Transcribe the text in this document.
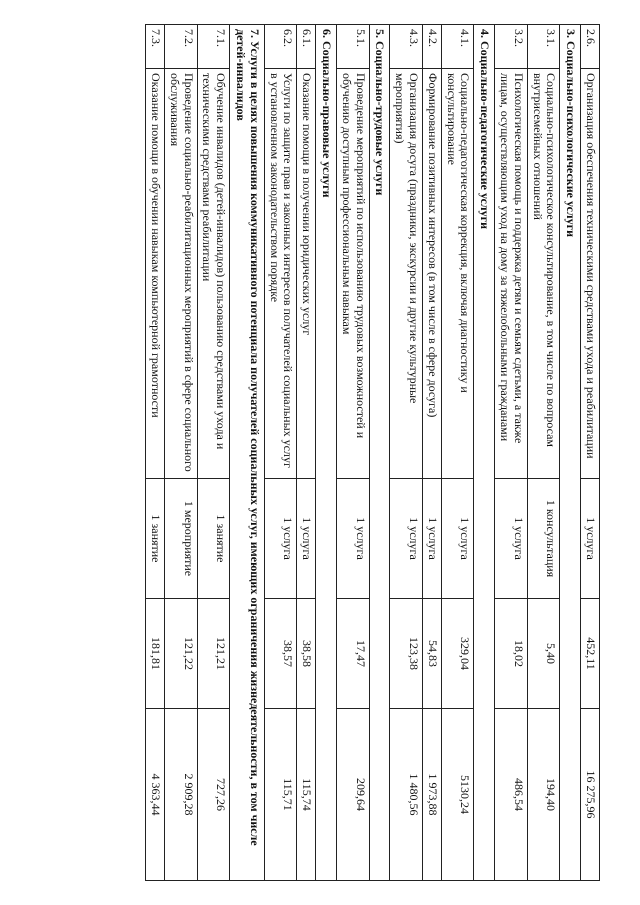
2.6.	Организация обеспечения техническими средствами ухода и реабилитации	1 услуга	452,11	16 275,96
3. Социально-психологические услуги				
3.1.	Социально-психологическое консультирование, в том числе по вопросам внутрисемейных отношений	1 консультация	5,40	194,40
3.2.	Психологическая помощь и поддержка детям и семьям сдетьми, а также лицам, осуществляющим уход на дому за тяжелобольными гражданами	1 услуга	18,02	486,54
4. Социально-педагогические услуги				
4.1.	Социально-педагогическая коррекция, включая диагностику и консультирование	1 услуга	329,04	5130,24
4.2.	Формирование позитивных интересов (в том числе в сфере досуга)	1 услуга	54,83	1 973,88
4.3.	Организация досуга (праздники, экскурсии и другие культурные мероприятия)	1 услуга	123,38	1 480,56
5. Социально-трудовые услуги				
5.1.	Проведение мероприятий по использованию трудовых возможностей и обучению доступным профессиональным навыкам	1 услуга	17,47	209,64
6. Социально-правовые услуги				
6.1.	Оказание помощи в получении юридических услуг	1 услуга	38,58	115,74
6.2.	Услуги по защите прав и законных интересов получателей социальных услуг в установленном законодательством порядке	1 услуга	38,57	115,71
7. Услуги в целях повышения коммуникативного потенциала получателей социальных услуг, имеющих ограничения жизнедеятельности, в том числе детей-инвалидов				
7.1.	Обучение инвалидов (детей-инвалидов) пользованию средствами ухода и техническими средствами реабилитации	1 занятие	121,21	727,26
7.2.	Проведение социально-реабилитационных мероприятий в сфере социального обслуживания	1 мероприятие	121,22	2 909,28
7.3.	Оказание помощи в обучении навыкам компьютерной грамотности	1 занятие	181,81	4 363,44
